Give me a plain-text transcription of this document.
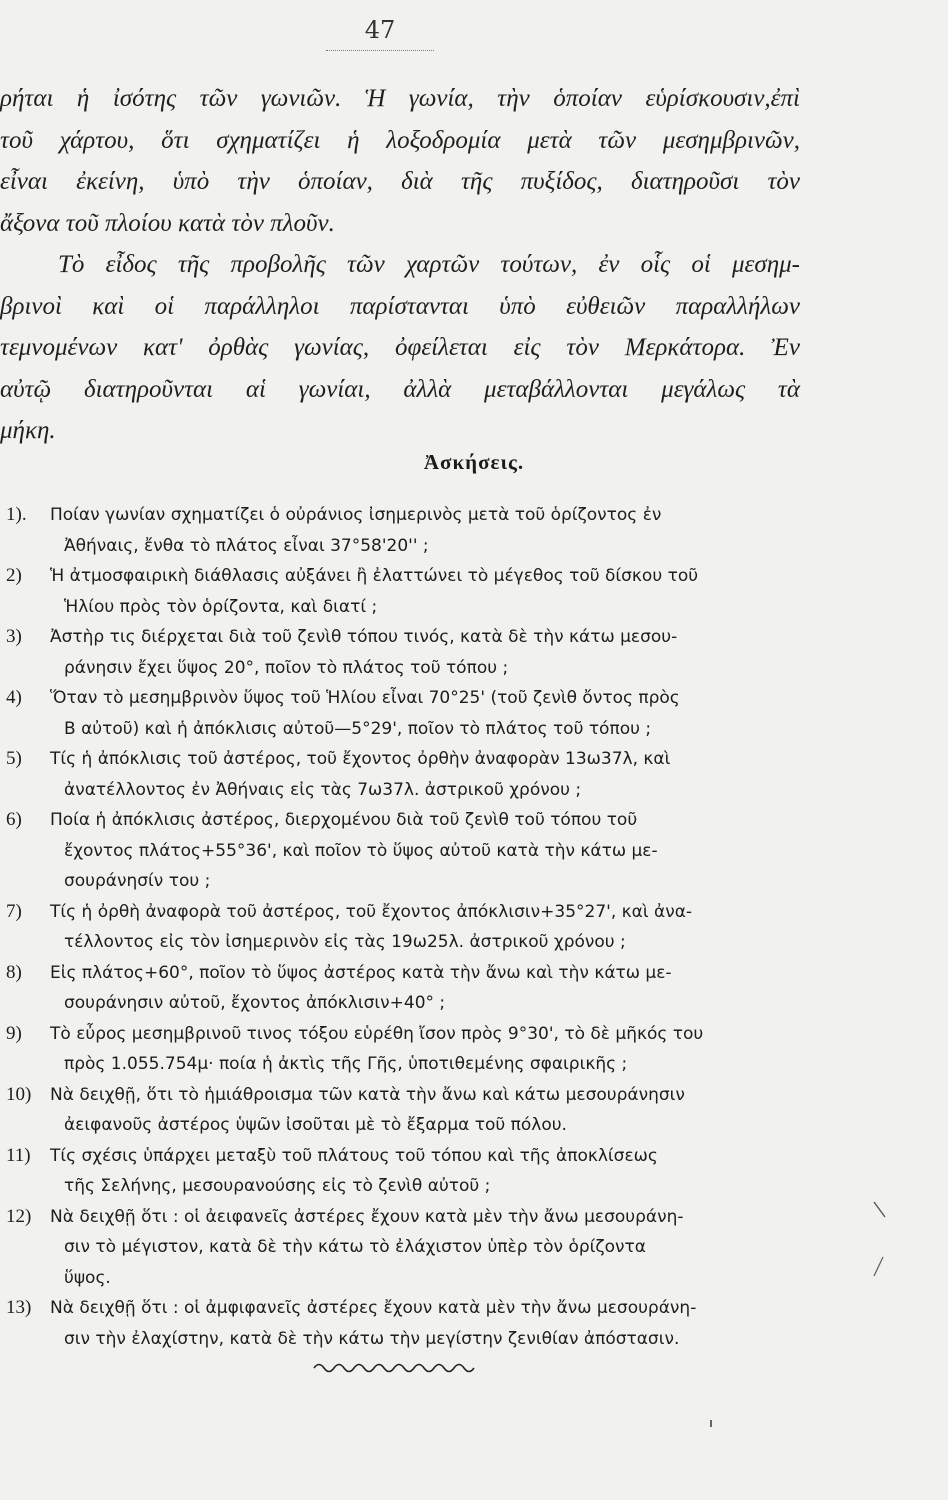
47
ρήται ἡ ἰσότης τῶν γωνιῶν. Ἡ γωνία, τὴν ὁποίαν εὑρίσκουσιν,ἐπὶ
τοῦ χάρτου, ὅτι σχηματίζει ἡ λοξοδρομία μετὰ τῶν μεσημβρινῶν,
εἶναι ἐκείνη, ὑπὸ τὴν ὁποίαν, διὰ τῆς πυξίδος, διατηροῦσι τὸν
ἄξονα τοῦ πλοίου κατὰ τὸν πλοῦν.
Τὸ εἶδος τῆς προβολῆς τῶν χαρτῶν τούτων, ἐν οἷς οἱ μεσημ-
βρινοὶ καὶ οἱ παράλληλοι παρίστανται ὑπὸ εὐθειῶν παραλλήλων
τεμνομένων κατ' ὀρθὰς γωνίας, ὀφείλεται εἰς τὸν Μερκάτορα. Ἐν
αὐτῷ διατηροῦνται αἱ γωνίαι, ἀλλὰ μεταβάλλονται μεγάλως τὰ
μήκη.
Ἀσκήσεις.
1).	Ποίαν γωνίαν σχηματίζει ὁ οὐράνιος ἰσημερινὸς μετὰ τοῦ ὁρίζοντος ἐν
Ἀθήναις, ἔνθα τὸ πλάτος εἶναι 37°58'20'' ;
2)	Ἡ ἀτμοσφαιρικὴ διάθλασις αὐξάνει ἢ ἐλαττώνει τὸ μέγεθος τοῦ δίσκου τοῦ
Ἡλίου πρὸς τὸν ὁρίζοντα, καὶ διατί ;
3)	Ἀστὴρ τις διέρχεται διὰ τοῦ ζενὶθ τόπου τινός, κατὰ δὲ τὴν κάτω μεσου-
ράνησιν ἔχει ὕψος 20°, ποῖον τὸ πλάτος τοῦ τόπου ;
4)	Ὅταν τὸ μεσημβρινὸν ὕψος τοῦ Ἡλίου εἶναι 70°25' (τοῦ ζενὶθ ὄντος πρὸς
Β αὐτοῦ) καὶ ἡ ἀπόκλισις αὐτοῦ—5°29', ποῖον τὸ πλάτος τοῦ τόπου ;
5)	Τίς ἡ ἀπόκλισις τοῦ ἀστέρος, τοῦ ἔχοντος ὀρθὴν ἀναφορὰν 13ω37λ, καὶ
ἀνατέλλοντος ἐν Ἀθήναις εἰς τὰς 7ω37λ. ἀστρικοῦ χρόνου ;
6)	Ποία ἡ ἀπόκλισις ἀστέρος, διερχομένου διὰ τοῦ ζενὶθ τοῦ τόπου τοῦ
ἔχοντος πλάτος+55°36', καὶ ποῖον τὸ ὕψος αὐτοῦ κατὰ τὴν κάτω με-
σουράνησίν του ;
7)	Τίς ἡ ὀρθὴ ἀναφορὰ τοῦ ἀστέρος, τοῦ ἔχοντος ἀπόκλισιν+35°27', καὶ ἀνα-
τέλλοντος εἰς τὸν ἰσημερινὸν εἰς τὰς 19ω25λ. ἀστρικοῦ χρόνου ;
8)	Εἰς πλάτος+60°, ποῖον τὸ ὕψος ἀστέρος κατὰ τὴν ἄνω καὶ τὴν κάτω με-
σουράνησιν αὐτοῦ, ἔχοντος ἀπόκλισιν+40° ;
9)	Τὸ εὖρος μεσημβρινοῦ τινος τόξου εὑρέθη ἴσον πρὸς 9°30', τὸ δὲ μῆκός του
πρὸς 1.055.754μ· ποία ἡ ἀκτὶς τῆς Γῆς, ὑποτιθεμένης σφαιρικῆς ;
10)	Νὰ δειχθῇ, ὅτι τὸ ἡμιάθροισμα τῶν κατὰ τὴν ἄνω καὶ κάτω μεσουράνησιν
ἀειφανοῦς ἀστέρος ὑψῶν ἰσοῦται μὲ τὸ ἔξαρμα τοῦ πόλου.
11)	Τίς σχέσις ὑπάρχει μεταξὺ τοῦ πλάτους τοῦ τόπου καὶ τῆς ἀποκλίσεως
τῆς Σελήνης, μεσουρανούσης εἰς τὸ ζενὶθ αὐτοῦ ;
12)	Νὰ δειχθῇ ὅτι : οἱ ἀειφανεῖς ἀστέρες ἔχουν κατὰ μὲν τὴν ἄνω μεσουράνη-
σιν τὸ μέγιστον, κατὰ δὲ τὴν κάτω τὸ ἐλάχιστον ὑπὲρ τὸν ὁρίζοντα
ὕψος.
13)	Νὰ δειχθῇ ὅτι : οἱ ἀμφιφανεῖς ἀστέρες ἔχουν κατὰ μὲν τὴν ἄνω μεσουράνη-
σιν τὴν ἐλαχίστην, κατὰ δὲ τὴν κάτω τὴν μεγίστην ζενιθίαν ἀπόστασιν.
